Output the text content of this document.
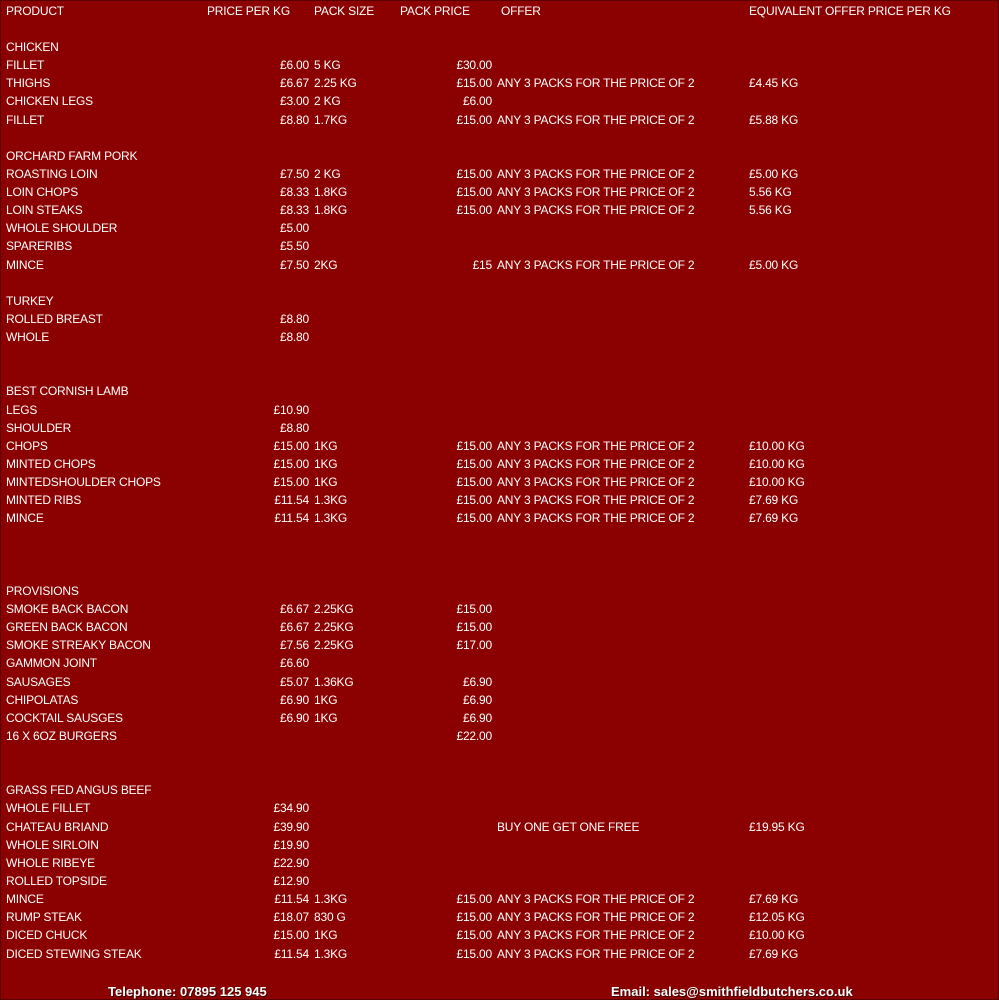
PRODUCT	PRICE PER KG PACK SIZE PACK PRICE	OFFER	EQUIVALENT OFFER PRICE PER KG
CHICKEN
FILLET	£6.00 5 KG	£30.00
THIGHS	£6.67 2.25 KG	£15.00 ANY 3 PACKS FOR THE PRICE OF 2	£4.45 KG
CHICKEN LEGS	£3.00 2 KG	£6.00
FILLET	£8.80 1.7KG	£15.00 ANY 3 PACKS FOR THE PRICE OF 2	£5.88 KG
ORCHARD FARM PORK
ROASTING LOIN	£7.50 2 KG	£15.00 ANY 3 PACKS FOR THE PRICE OF 2	£5.00 KG
LOIN CHOPS	£8.33 1.8KG	£15.00 ANY 3 PACKS FOR THE PRICE OF 2	5.56 KG
LOIN STEAKS	£8.33 1.8KG	£15.00 ANY 3 PACKS FOR THE PRICE OF 2	5.56 KG
WHOLE SHOULDER	£5.00
SPARERIBS	£5.50
MINCE	£7.50 2KG	£15 ANY 3 PACKS FOR THE PRICE OF 2	£5.00 KG
TURKEY
ROLLED BREAST	£8.80
WHOLE	£8.80
BEST CORNISH LAMB
LEGS	£10.90
SHOULDER	£8.80
CHOPS	£15.00 1KG	£15.00 ANY 3 PACKS FOR THE PRICE OF 2	£10.00 KG
MINTED CHOPS	£15.00 1KG	£15.00 ANY 3 PACKS FOR THE PRICE OF 2	£10.00 KG
MINTEDSHOULDER CHOPS	£15.00 1KG	£15.00 ANY 3 PACKS FOR THE PRICE OF 2	£10.00 KG
MINTED RIBS	£11.54 1.3KG	£15.00 ANY 3 PACKS FOR THE PRICE OF 2	£7.69 KG
MINCE	£11.54 1.3KG	£15.00 ANY 3 PACKS FOR THE PRICE OF 2	£7.69 KG
PROVISIONS
SMOKE BACK BACON	£6.67 2.25KG	£15.00
GREEN BACK BACON	£6.67 2.25KG	£15.00
SMOKE STREAKY BACON	£7.56 2.25KG	£17.00
GAMMON JOINT	£6.60
SAUSAGES	£5.07 1.36KG	£6.90
CHIPOLATAS	£6.90 1KG	£6.90
COCKTAIL SAUSGES	£6.90 1KG	£6.90
16 X 6OZ BURGERS	£22.00
GRASS FED ANGUS BEEF
WHOLE FILLET	£34.90
CHATEAU BRIAND	£39.90	BUY ONE GET ONE FREE	£19.95 KG
WHOLE SIRLOIN	£19.90
WHOLE RIBEYE	£22.90
ROLLED TOPSIDE	£12.90
MINCE	£11.54 1.3KG	£15.00 ANY 3 PACKS FOR THE PRICE OF 2	£7.69 KG
RUMP STEAK	£18.07 830 G	£15.00 ANY 3 PACKS FOR THE PRICE OF 2	£12.05 KG
DICED CHUCK	£15.00 1KG	£15.00 ANY 3 PACKS FOR THE PRICE OF 2	£10.00 KG
DICED STEWING STEAK	£11.54 1.3KG	£15.00 ANY 3 PACKS FOR THE PRICE OF 2	£7.69 KG
Telephone: 07895 125 945	Email: sales@smithfieldbutchers.co.uk
